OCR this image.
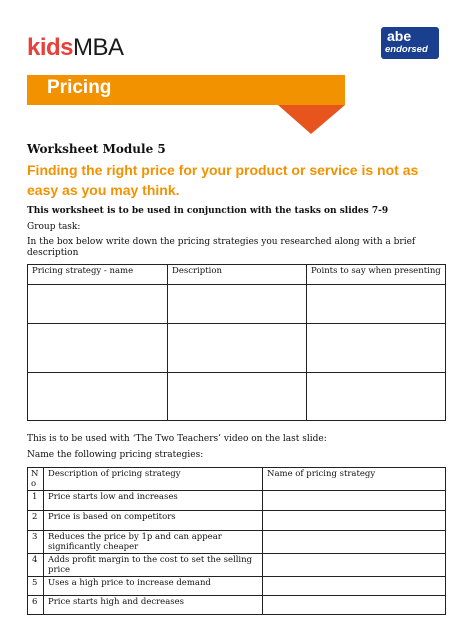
kidsMBA	abe
endorsed
Pricing
Worksheet Module 5
Finding the right price for your product or service is not as easy as you may think.
This worksheet is to be used in conjunction with the tasks on slides 7-9
Group task:
In the box below write down the pricing strategies you researched along with a brief description
Pricing strategy - name	Description	Points to say when presenting

This is to be used with ‘The Two Teachers’ video on the last slide:
Name the following pricing strategies:
N o	Description of pricing strategy	Name of pricing strategy
1	Price starts low and increases	
2	Price is based on competitors	
3	Reduces the price by 1p and can appear significantly cheaper	
4	Adds profit margin to the cost to set the selling price	
5	Uses a high price to increase demand	
6	Price starts high and decreases	
